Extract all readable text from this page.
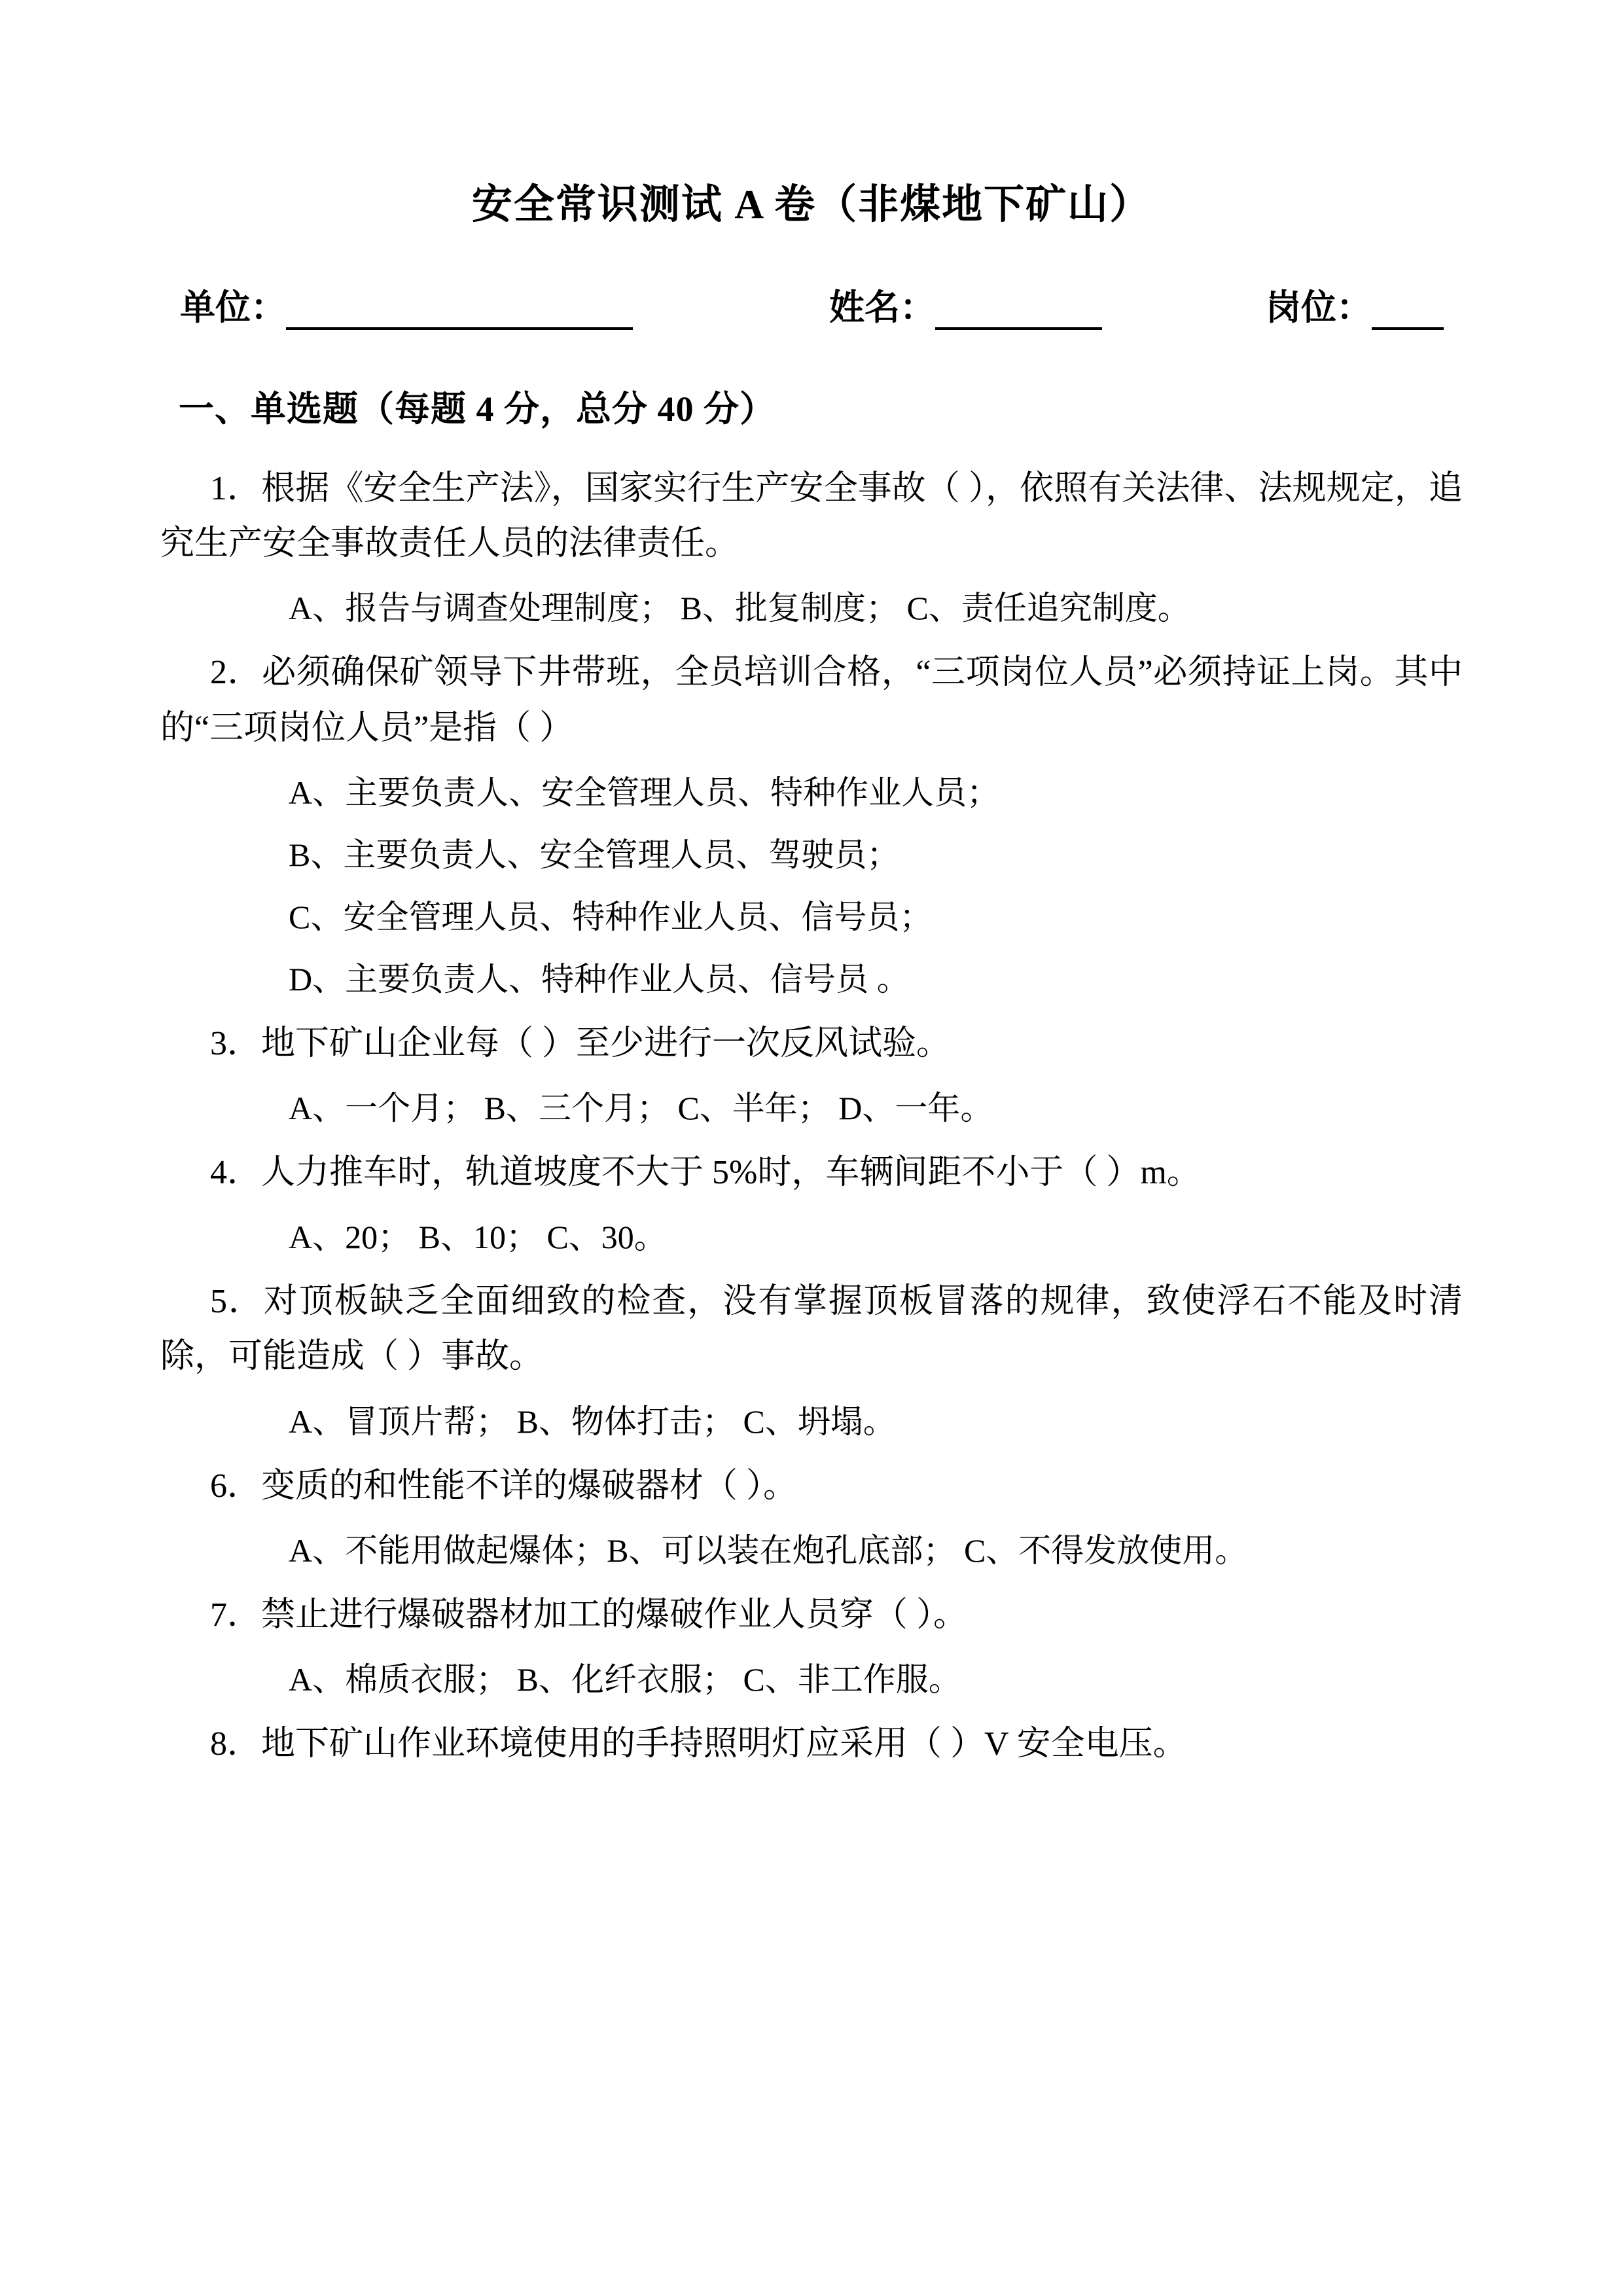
安全常识测试 A 卷（非煤地下矿山）
单位：	姓名：	岗位：
一、单选题（每题 4 分，总分 40 分）
1．根据《安全生产法》，国家实行生产安全事故（ ），依照有关法律、法规规定，追究生产安全事故责任人员的法律责任。
A、报告与调查处理制度； B、批复制度； C、责任追究制度。
2．必须确保矿领导下井带班，全员培训合格，“三项岗位人员”必须持证上岗。其中的“三项岗位人员”是指（ ）
A、主要负责人、安全管理人员、特种作业人员；
B、主要负责人、安全管理人员、驾驶员；
C、安全管理人员、特种作业人员、信号员；
D、主要负责人、特种作业人员、信号员 。
3．地下矿山企业每（ ）至少进行一次反风试验。
A、一个月； B、三个月； C、半年； D、一年。
4．人力推车时，轨道坡度不大于 5%时，车辆间距不小于（ ）m。
A、20； B、10； C、30。
5．对顶板缺乏全面细致的检查，没有掌握顶板冒落的规律，致使浮石不能及时清除，可能造成（ ）事故。
A、冒顶片帮； B、物体打击； C、坍塌。
6．变质的和性能不详的爆破器材（ ）。
A、不能用做起爆体；B、可以装在炮孔底部； C、不得发放使用。
7．禁止进行爆破器材加工的爆破作业人员穿（ ）。
A、棉质衣服； B、化纤衣服； C、非工作服。
8．地下矿山作业环境使用的手持照明灯应采用（ ）V 安全电压。
